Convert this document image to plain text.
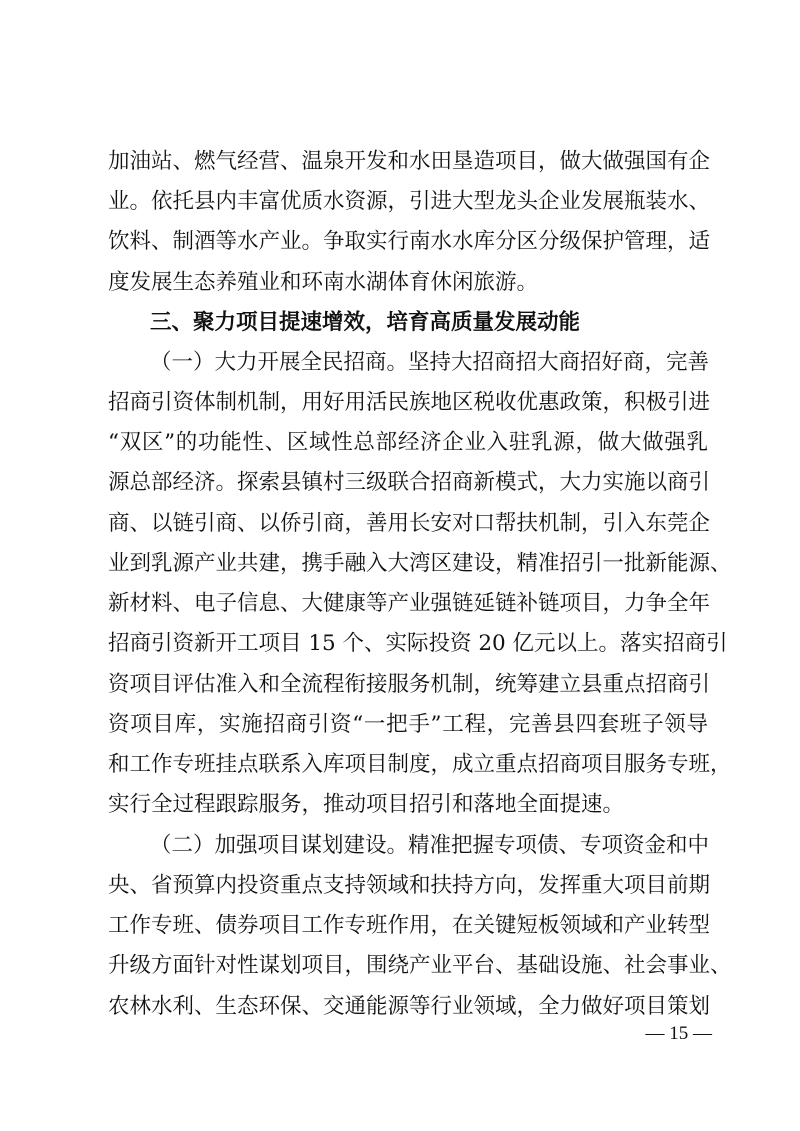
加油站、燃气经营、温泉开发和水田垦造项目，做大做强国有企
业。依托县内丰富优质水资源，引进大型龙头企业发展瓶装水、
饮料、制酒等水产业。争取实行南水水库分区分级保护管理，适
度发展生态养殖业和环南水湖体育休闲旅游。
三、聚力项目提速增效，培育高质量发展动能
（一）大力开展全民招商。坚持大招商招大商招好商，完善
招商引资体制机制，用好用活民族地区税收优惠政策，积极引进
“双区”的功能性、区域性总部经济企业入驻乳源，做大做强乳
源总部经济。探索县镇村三级联合招商新模式，大力实施以商引
商、以链引商、以侨引商，善用长安对口帮扶机制，引入东莞企
业到乳源产业共建，携手融入大湾区建设，精准招引一批新能源、
新材料、电子信息、大健康等产业强链延链补链项目，力争全年
招商引资新开工项目 15 个、实际投资 20 亿元以上。落实招商引
资项目评估准入和全流程衔接服务机制，统筹建立县重点招商引
资项目库，实施招商引资“一把手”工程，完善县四套班子领导
和工作专班挂点联系入库项目制度，成立重点招商项目服务专班，
实行全过程跟踪服务，推动项目招引和落地全面提速。
（二）加强项目谋划建设。精准把握专项债、专项资金和中
央、省预算内投资重点支持领域和扶持方向，发挥重大项目前期
工作专班、债券项目工作专班作用，在关键短板领域和产业转型
升级方面针对性谋划项目，围绕产业平台、基础设施、社会事业、
农林水利、生态环保、交通能源等行业领域，全力做好项目策划
— 15 —
